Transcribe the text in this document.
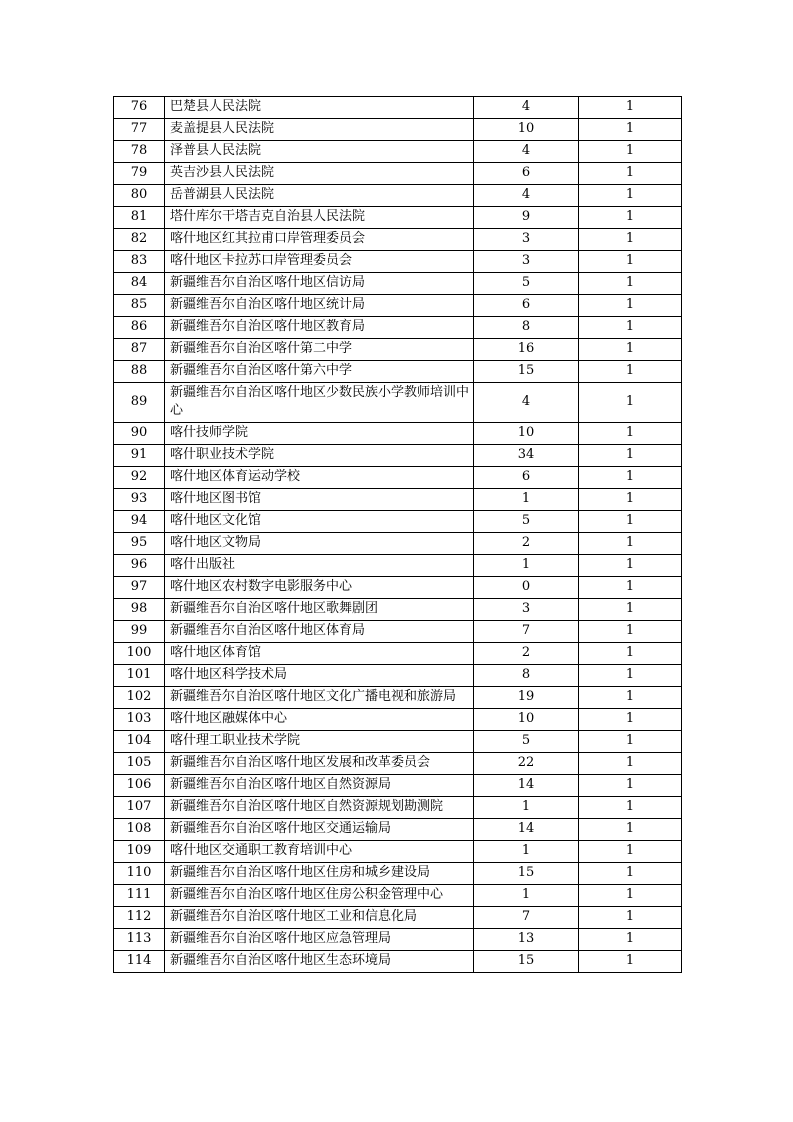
76	巴楚县人民法院	4	1
77	麦盖提县人民法院	10	1
78	泽普县人民法院	4	1
79	英吉沙县人民法院	6	1
80	岳普湖县人民法院	4	1
81	塔什库尔干塔吉克自治县人民法院	9	1
82	喀什地区红其拉甫口岸管理委员会	3	1
83	喀什地区卡拉苏口岸管理委员会	3	1
84	新疆维吾尔自治区喀什地区信访局	5	1
85	新疆维吾尔自治区喀什地区统计局	6	1
86	新疆维吾尔自治区喀什地区教育局	8	1
87	新疆维吾尔自治区喀什第二中学	16	1
88	新疆维吾尔自治区喀什第六中学	15	1
89	新疆维吾尔自治区喀什地区少数民族小学教师培训中心	4	1
90	喀什技师学院	10	1
91	喀什职业技术学院	34	1
92	喀什地区体育运动学校	6	1
93	喀什地区图书馆	1	1
94	喀什地区文化馆	5	1
95	喀什地区文物局	2	1
96	喀什出版社	1	1
97	喀什地区农村数字电影服务中心	0	1
98	新疆维吾尔自治区喀什地区歌舞剧团	3	1
99	新疆维吾尔自治区喀什地区体育局	7	1
100	喀什地区体育馆	2	1
101	喀什地区科学技术局	8	1
102	新疆维吾尔自治区喀什地区文化广播电视和旅游局	19	1
103	喀什地区融媒体中心	10	1
104	喀什理工职业技术学院	5	1
105	新疆维吾尔自治区喀什地区发展和改革委员会	22	1
106	新疆维吾尔自治区喀什地区自然资源局	14	1
107	新疆维吾尔自治区喀什地区自然资源规划勘测院	1	1
108	新疆维吾尔自治区喀什地区交通运输局	14	1
109	喀什地区交通职工教育培训中心	1	1
110	新疆维吾尔自治区喀什地区住房和城乡建设局	15	1
111	新疆维吾尔自治区喀什地区住房公积金管理中心	1	1
112	新疆维吾尔自治区喀什地区工业和信息化局	7	1
113	新疆维吾尔自治区喀什地区应急管理局	13	1
114	新疆维吾尔自治区喀什地区生态环境局	15	1
